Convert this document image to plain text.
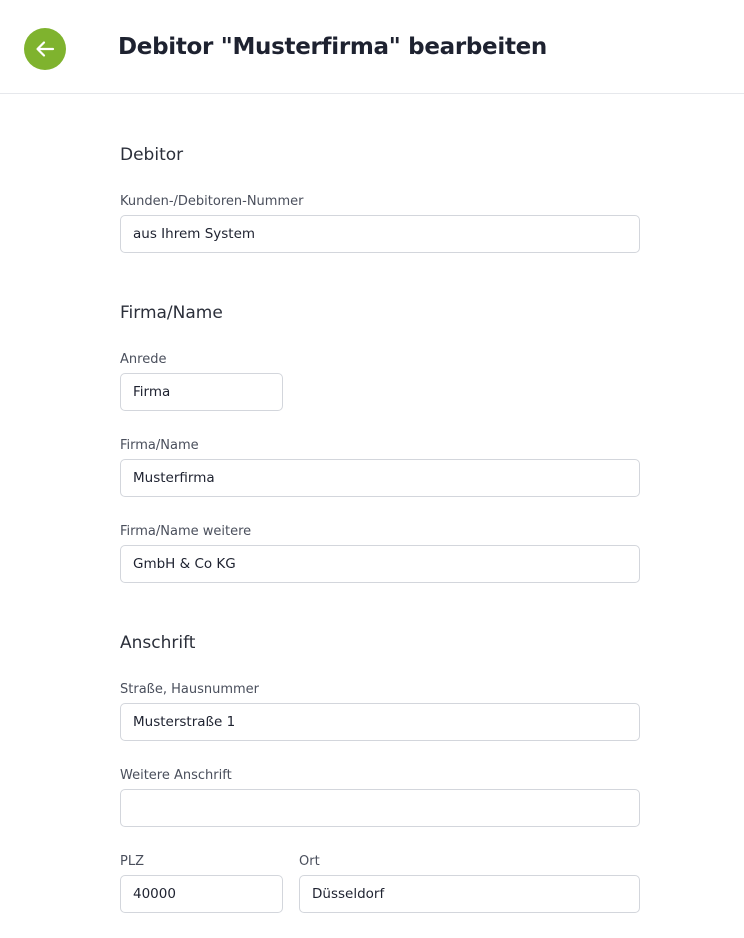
Debitor "Musterfirma" bearbeiten
Debitor
Kunden-/Debitoren-Nummer
aus Ihrem System
Firma/Name
Anrede
Firma
Firma/Name
Musterfirma
Firma/Name weitere
GmbH & Co KG
Anschrift
Straße, Hausnummer
Musterstraße 1
Weitere Anschrift
PLZ
40000	Ort
Düsseldorf
